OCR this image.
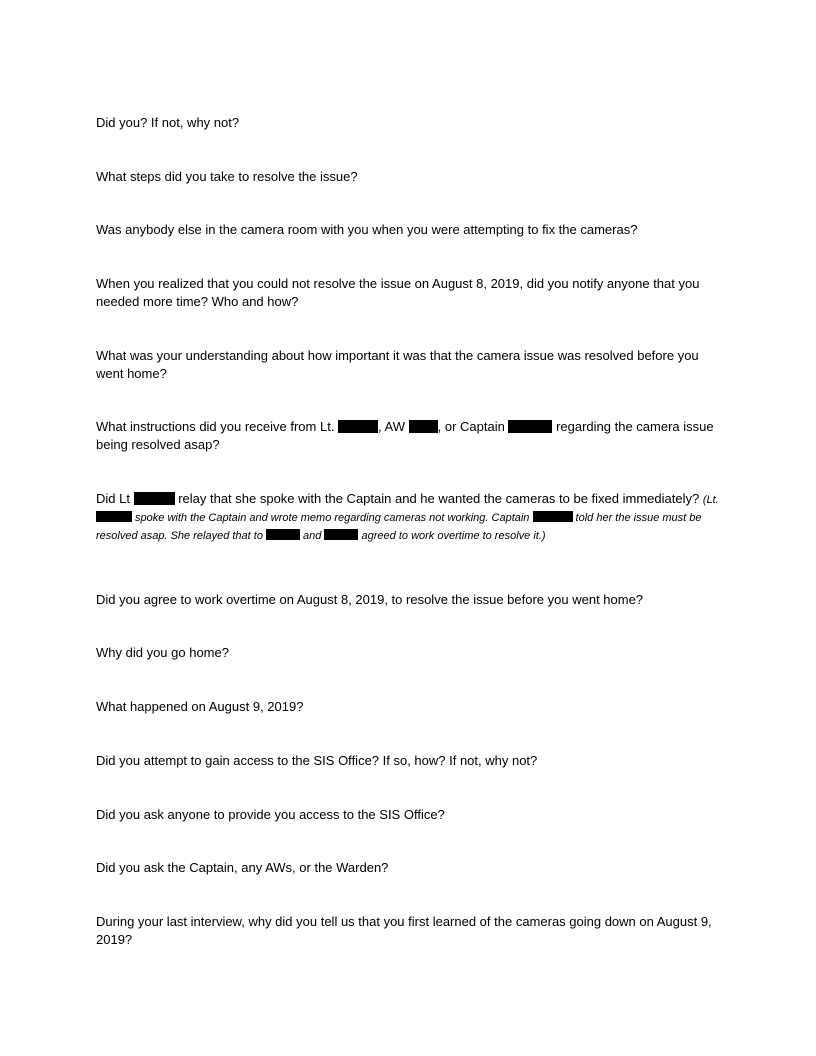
Did you? If not, why not?

What steps did you take to resolve the issue?

Was anybody else in the camera room with you when you were attempting to fix the cameras?

When you realized that you could not resolve the issue on August 8, 2019, did you notify anyone that you needed more time? Who and how?

What was your understanding about how important it was that the camera issue was resolved before you went home?

What instructions did you receive from Lt.	, AW , or Captain	regarding the camera issue being resolved asap?

Did Lt	relay that she spoke with the Captain and he wanted the cameras to be fixed immediately? (Lt.  spoke with the Captain and wrote memo regarding cameras not working. Captain	told her the issue must be resolved asap. She relayed that to	and	agreed to work overtime to resolve it.)

Did you agree to work overtime on August 8, 2019, to resolve the issue before you went home?

Why did you go home?

What happened on August 9, 2019?

Did you attempt to gain access to the SIS Office? If so, how? If not, why not?

Did you ask anyone to provide you access to the SIS Office?

Did you ask the Captain, any AWs, or the Warden?

During your last interview, why did you tell us that you first learned of the cameras going down on August 9, 2019?
